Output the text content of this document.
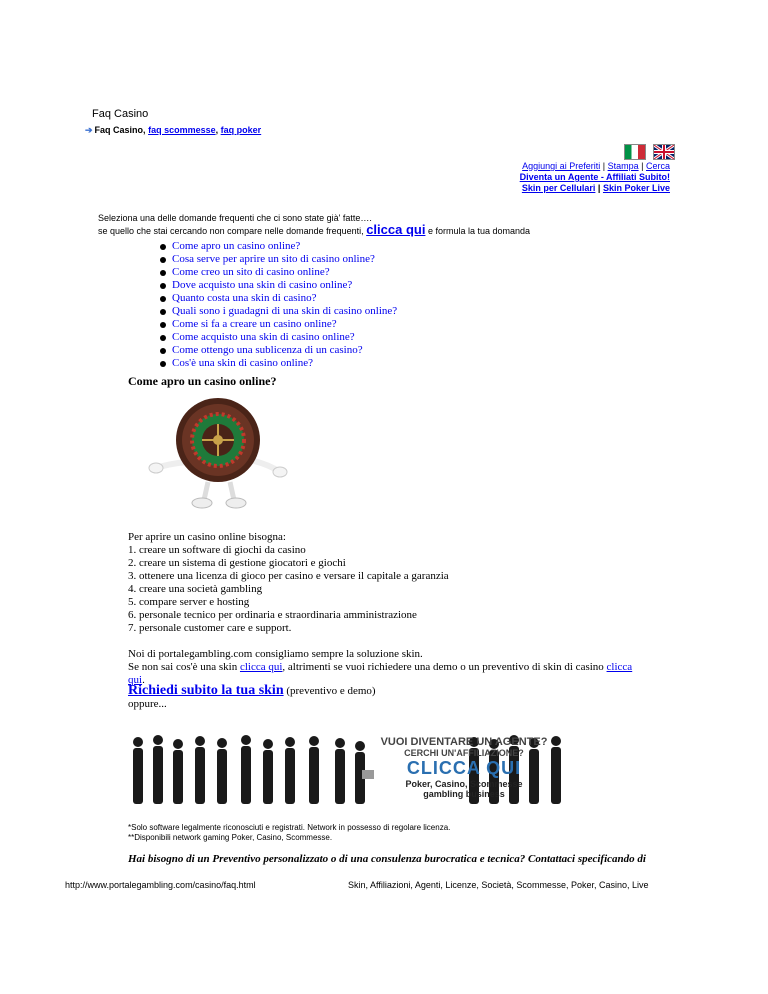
Faq Casino
➔ Faq Casino, faq scommesse, faq poker

Aggiungi ai Preferiti | Stampa | Cerca
Diventa un Agente - Affiliati Subito!
Skin per Cellulari | Skin Poker Live
Seleziona una delle domande frequenti che ci sono state già' fatte….
se quello che stai cercando non compare nelle domande frequenti, clicca qui e formula la tua domanda
Come apro un casino online?
Cosa serve per aprire un sito di casino online?
Come creo un sito di casino online?
Dove acquisto una skin di casino online?
Quanto costa una skin di casino?
Quali sono i guadagni di una skin di casino online?
Come si fa a creare un casino online?
Come acquisto una skin di casino online?
Come ottengo una sublicenza di un casino?
Cos'è una skin di casino online?
Come apro un casino online?

Per aprire un casino online bisogna:
1. creare un software di giochi da casino
2. creare un sistema di gestione giocatori e giochi
3. ottenere una licenza di gioco per casino e versare il capitale a garanzia
4. creare una società gambling
5. compare server e hosting
6. personale tecnico per ordinaria e straordinaria amministrazione
7. personale customer care e support.

Noi di portalegambling.com consigliamo sempre la soluzione skin.
Se non sai cos'è una skin clicca qui, altrimenti se vuoi richiedere una demo o un preventivo di skin di casino clicca
qui.

Richiedi subito la tua skin (preventivo e demo)
oppure...
VUOI DIVENTARE UN AGENTE?
CERCHI UN'AFFILIAZIONE?
CLICCA QUI
Poker, Casino, Scommesse
gambling business
*Solo software legalmente riconosciuti e registrati. Network in possesso di regolare licenza.
**Disponibili network gaming Poker, Casino, Scommesse.
Hai bisogno di un Preventivo personalizzato o di una consulenza burocratica e tecnica? Contattaci specificando di
http://www.portalegambling.com/casino/faq.html	Skin, Affiliazioni, Agenti, Licenze, Società, Scommesse, Poker, Casino, Live
